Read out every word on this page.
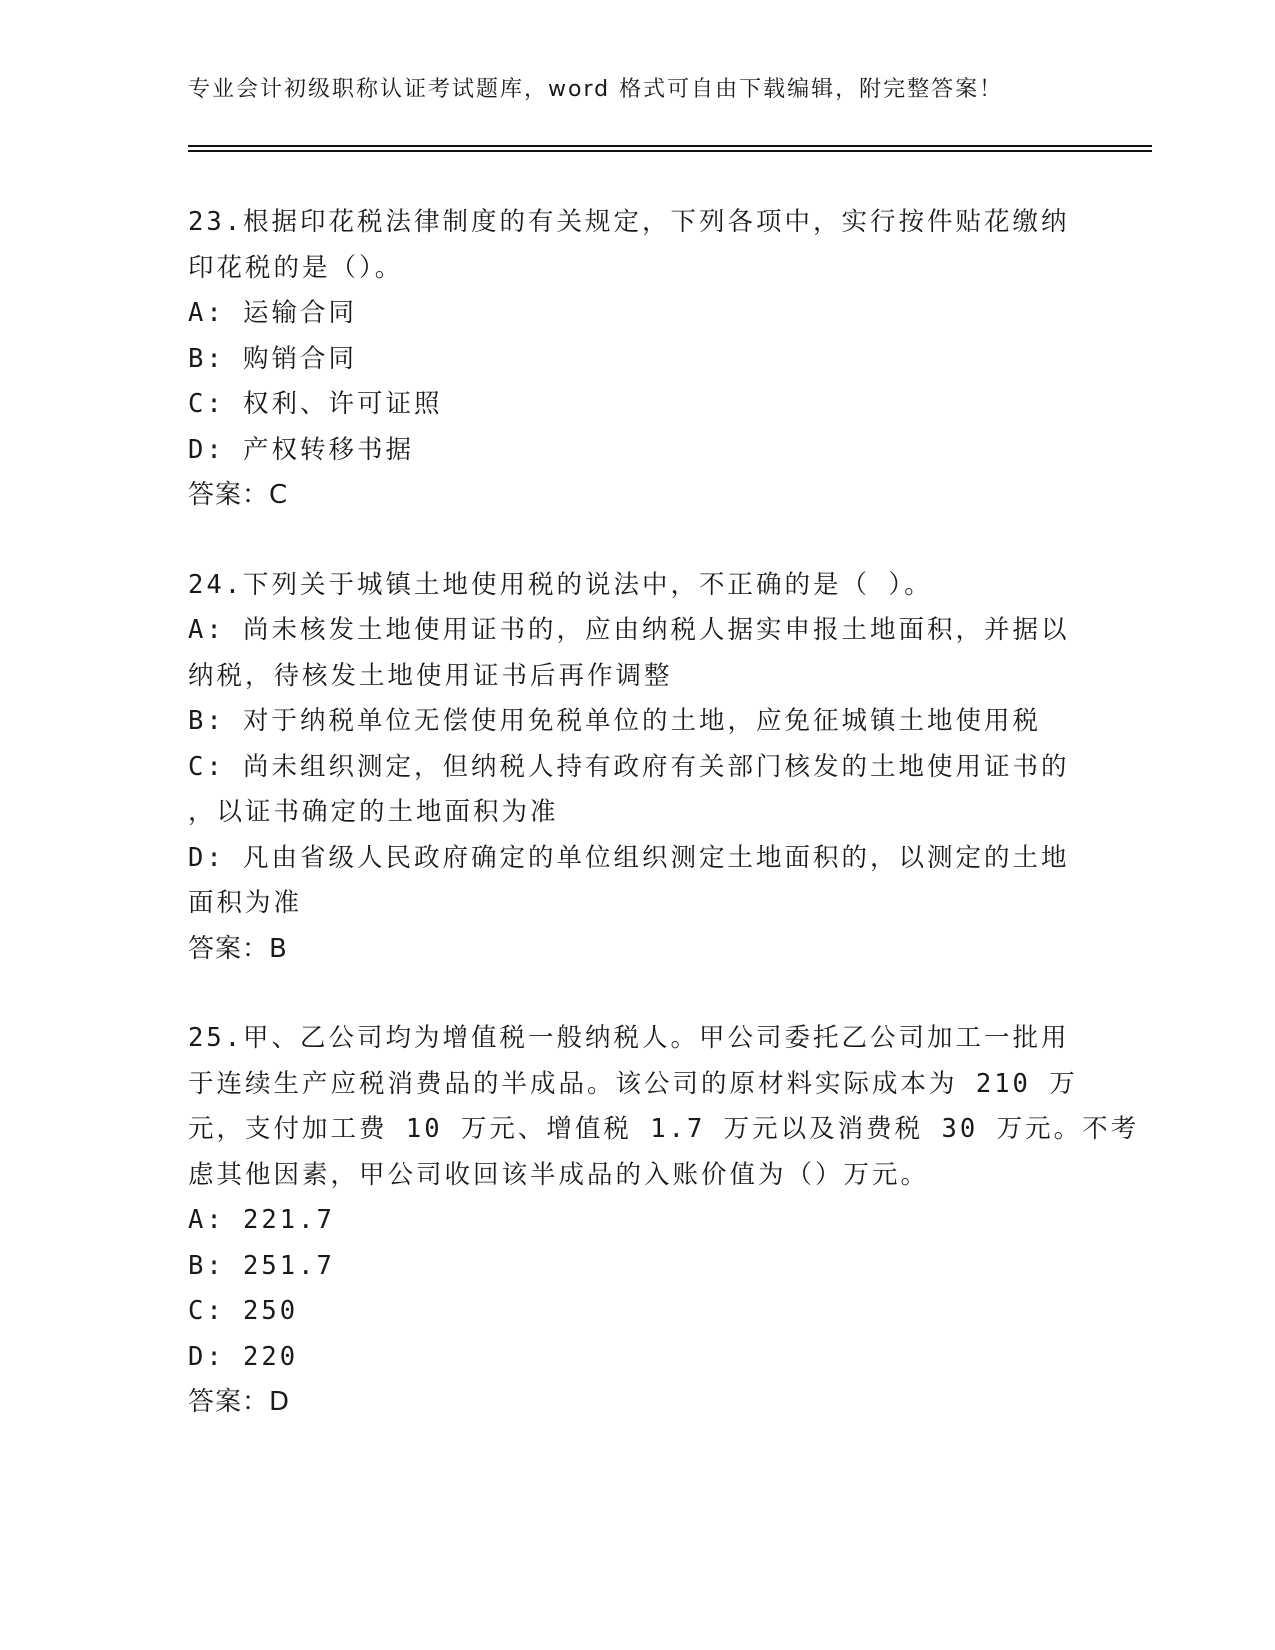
专业会计初级职称认证考试题库，word 格式可自由下载编辑，附完整答案！

23.根据印花税法律制度的有关规定，下列各项中，实行按件贴花缴纳

印花税的是（）。

A: 运输合同

B: 购销合同

C: 权利、许可证照

D: 产权转移书据

答案：C

24.下列关于城镇土地使用税的说法中，不正确的是（ ）。

A: 尚未核发土地使用证书的，应由纳税人据实申报土地面积，并据以

纳税，待核发土地使用证书后再作调整

B: 对于纳税单位无偿使用免税单位的土地，应免征城镇土地使用税

C: 尚未组织测定，但纳税人持有政府有关部门核发的土地使用证书的

，以证书确定的土地面积为准

D: 凡由省级人民政府确定的单位组织测定土地面积的，以测定的土地

面积为准

答案：B

25.甲、乙公司均为增值税一般纳税人。甲公司委托乙公司加工一批用

于连续生产应税消费品的半成品。该公司的原材料实际成本为 210 万

元，支付加工费 10 万元、增值税 1.7 万元以及消费税 30 万元。不考

虑其他因素，甲公司收回该半成品的入账价值为（）万元。

A: 221.7

B: 251.7

C: 250

D: 220

答案：D
